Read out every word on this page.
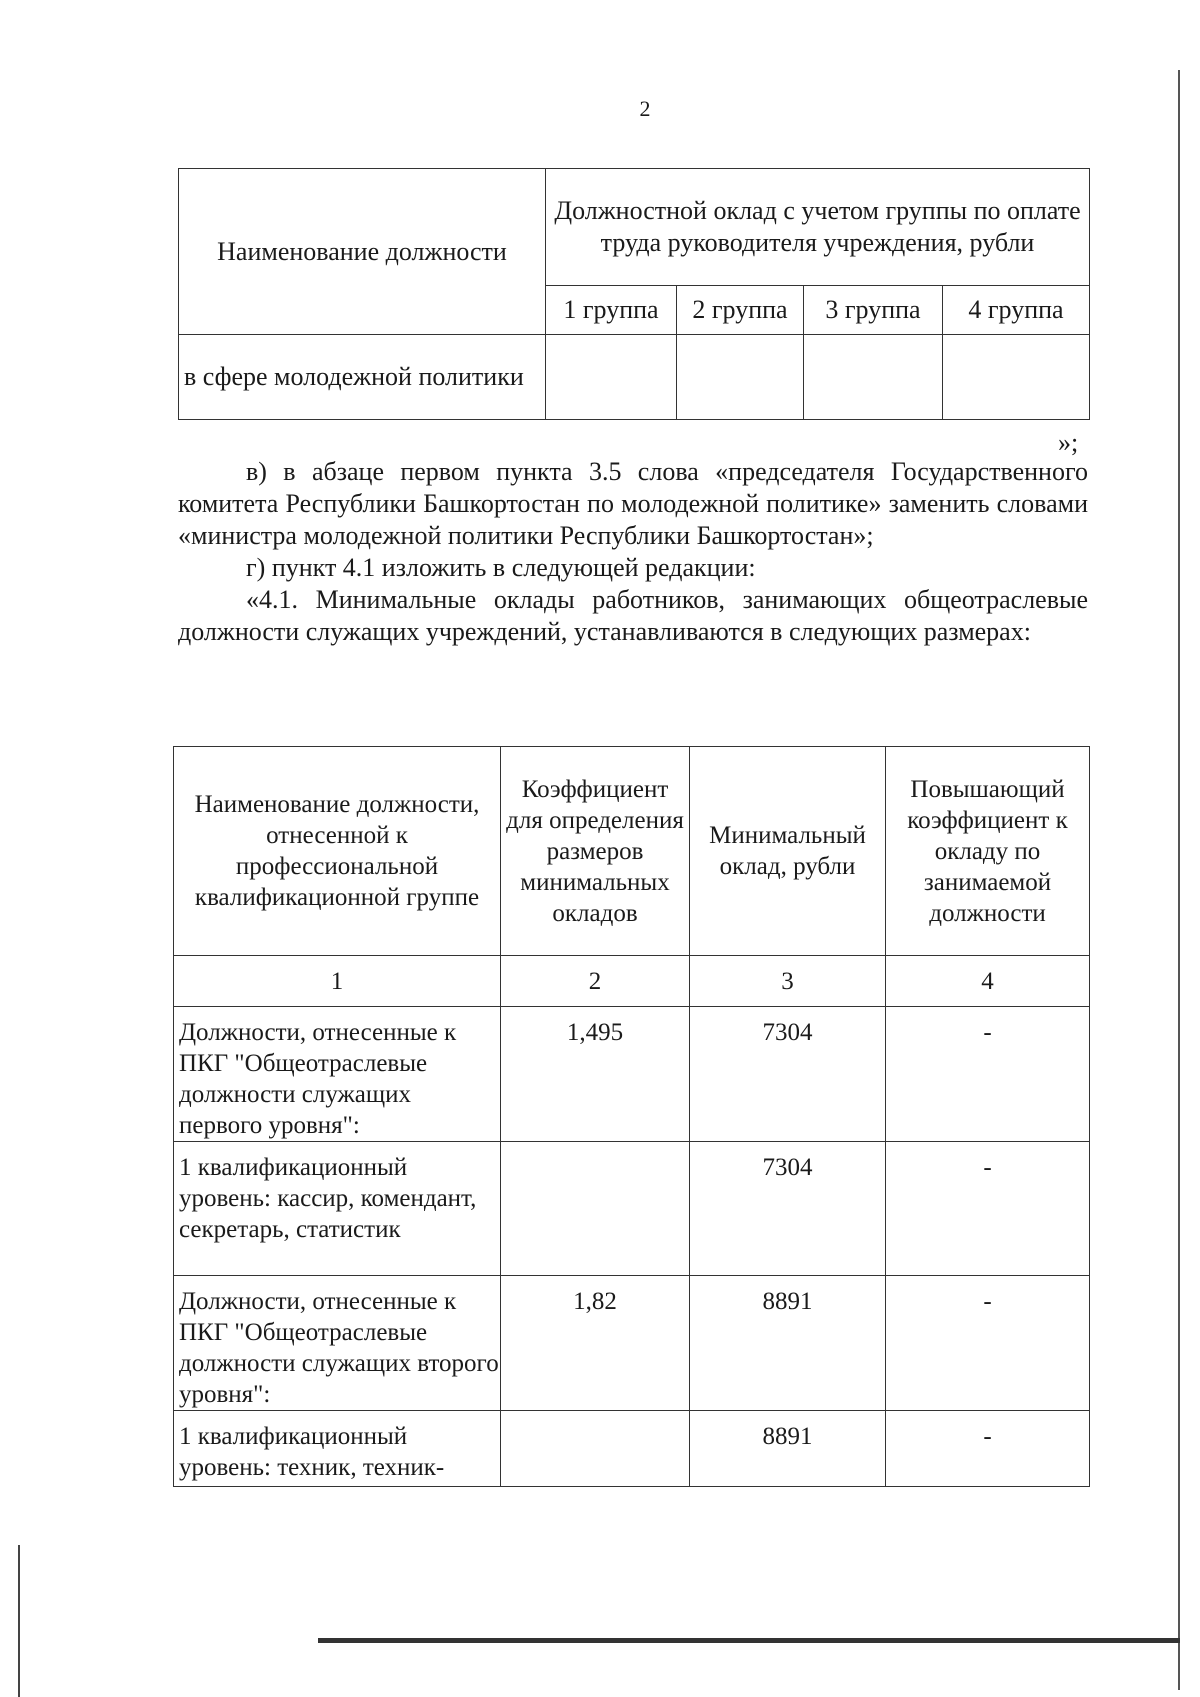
2
Наименование должности	Должностной оклад с учетом группы по оплате труда руководителя учреждения, рубли			
	1 группа	2 группа	3 группа	4 группа
в сфере молодежной политики				
»;

в) в абзаце первом пункта 3.5 слова «председателя Государственного комитета Республики Башкортостан по молодежной политике» заменить словами «министра молодежной политики Республики Башкортостан»;

г) пункт 4.1 изложить в следующей редакции:

«4.1. Минимальные оклады работников, занимающих общеотраслевые должности служащих учреждений, устанавливаются в следующих размерах:

Наименование должности, отнесенной к профессиональной квалификационной группе	Коэффициент для определения размеров минимальных окладов	Минимальный оклад, рубли	Повышающий коэффициент к окладу по занимаемой должности
1	2	3	4
Должности, отнесенные к ПКГ "Общеотраслевые должности служащих первого уровня":	1,495	7304	-
1 квалификационный уровень: кассир, комендант, секретарь, статистик		7304	-
Должности, отнесенные к ПКГ "Общеотраслевые должности служащих второго уровня":	1,82	8891	-
1 квалификационный уровень: техник, техник-		8891	-
